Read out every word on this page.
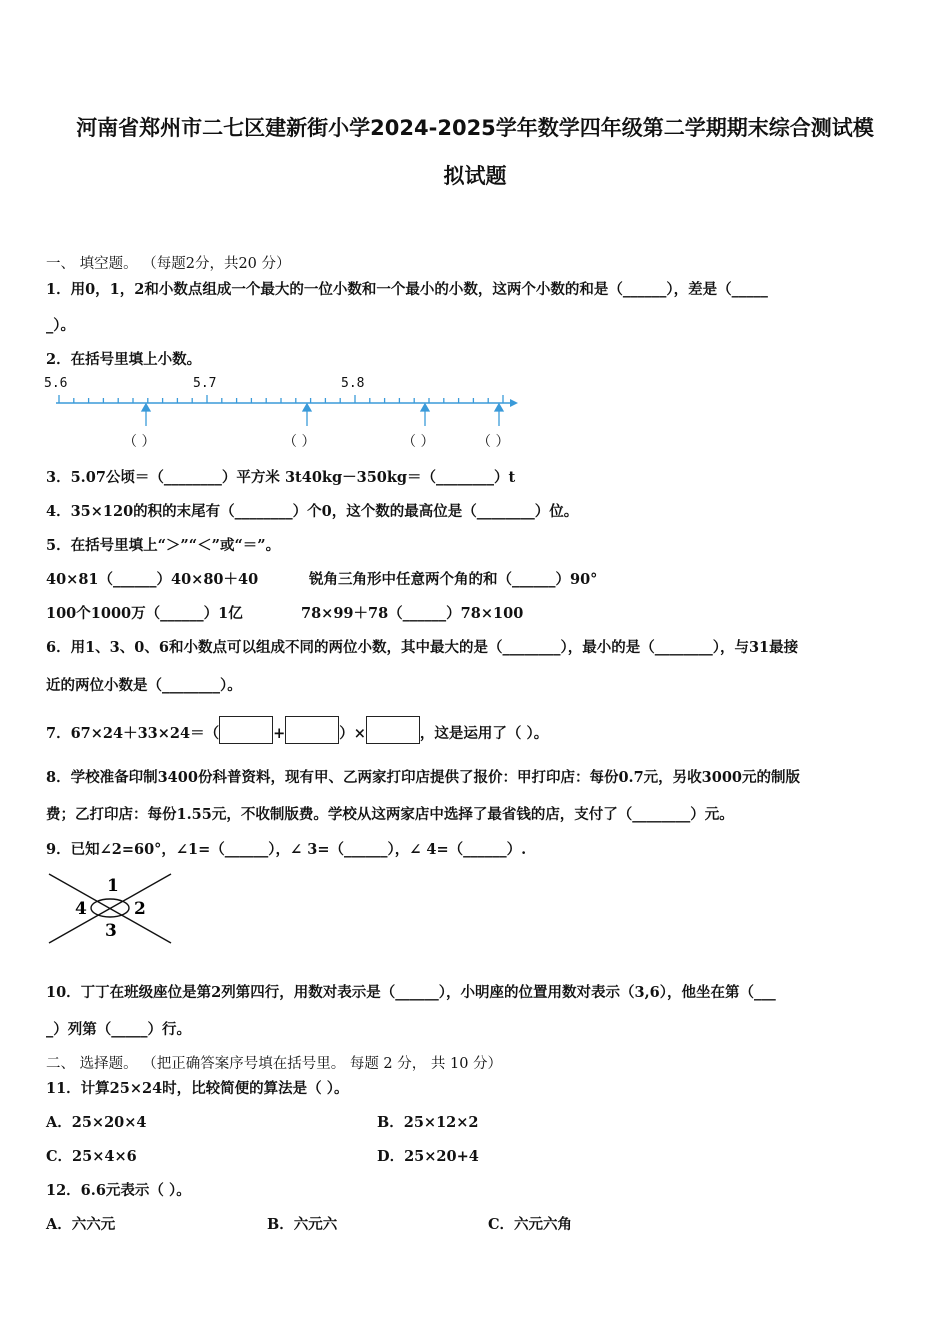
河南省郑州市二七区建新街小学2024-2025学年数学四年级第二学期期末综合测试模
拟试题
一、 填空题。 （每题2分，共20 分）
1．用0，1，2和小数点组成一个最大的一位小数和一个最小的小数，这两个小数的和是（______），差是（_____
_）。
2．在括号里填上小数。
5.6	5.7	5.8
（ ）	（ ）	（ ）	（ ）
3．5.07公顷＝（________）平方米 3t40kg－350kg＝（________）t
4．35×120的积的末尾有（________）个0，这个数的最高位是（________）位。
5．在括号里填上“＞”“＜”或“＝”。
40×81（______）40×80＋40	锐角三角形中任意两个角的和（______）90°
100个1000万（______）1亿	78×99＋78（______）78×100
6．用1、3、0、6和小数点可以组成不同的两位小数，其中最大的是（________），最小的是（________），与31最接
近的两位小数是（________）。
7．67×24＋33×24＝（	+	）×	，这是运用了（ ）。
8．学校准备印制3400份科普资料，现有甲、乙两家打印店提供了报价：甲打印店：每份0.7元，另收3000元的制版
费；乙打印店：每份1.55元，不收制版费。学校从这两家店中选择了最省钱的店，支付了（________）元。
9．已知∠2=60°，∠1=（______），∠ 3=（______），∠ 4=（______）.
1
2
3
4
10．丁丁在班级座位是第2列第四行，用数对表示是（______），小明座的位置用数对表示（3,6），他坐在第（___
_）列第（_____）行。
二、 选择题。 （把正确答案序号填在括号里。 每题 2 分， 共 10 分）
11．计算25×24时，比较简便的算法是（ ）。
A．25×20×4	B．25×12×2
C．25×4×6	D．25×20+4
12．6.6元表示（ ）。
A．六六元	B．六元六	C．六元六角
